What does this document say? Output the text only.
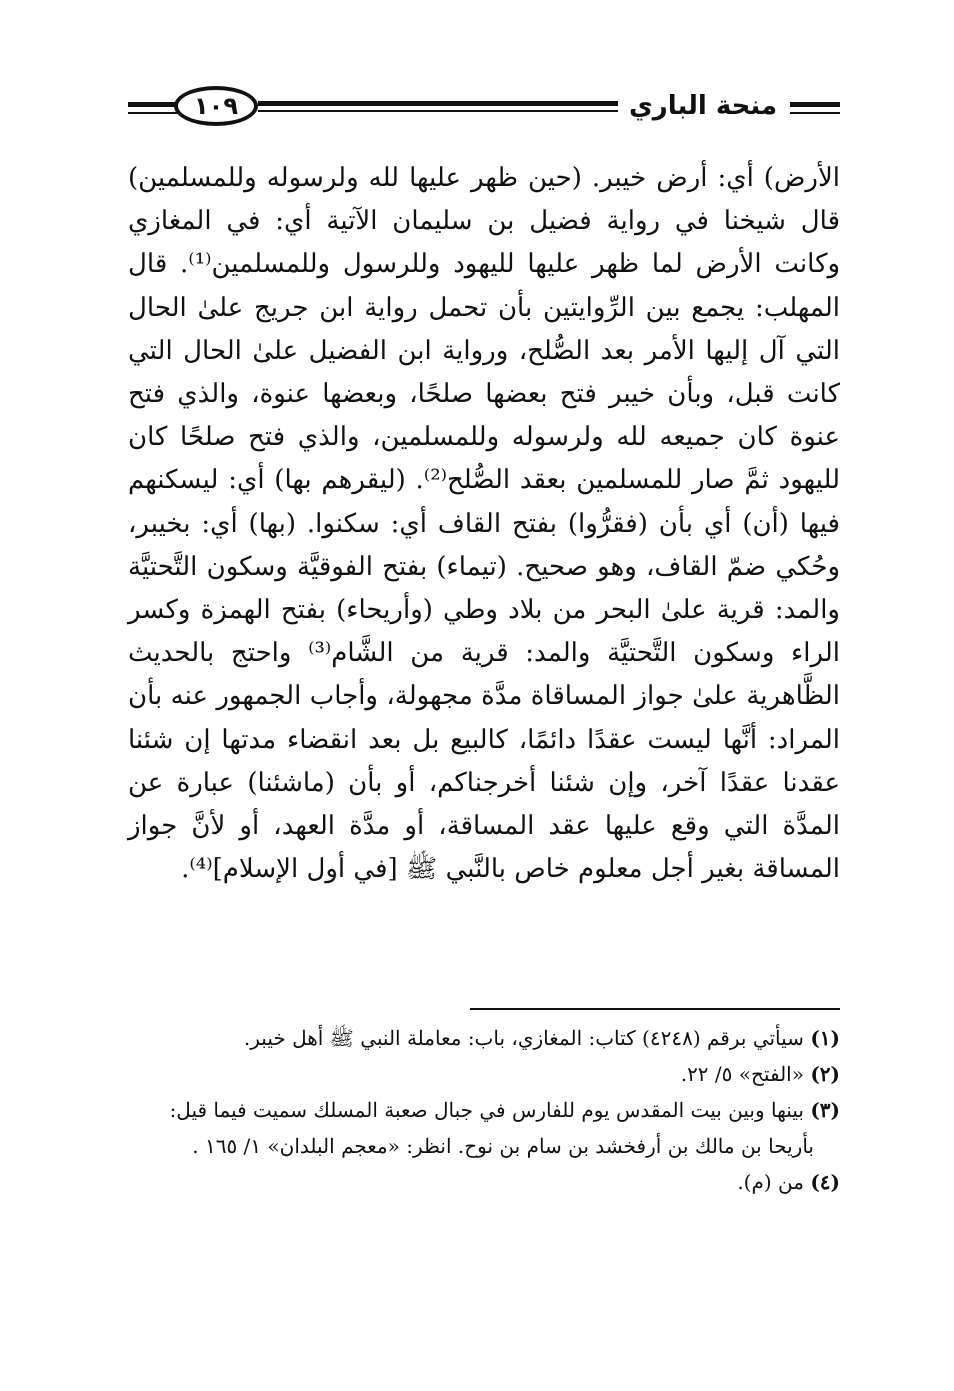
١٠٩	منحة الباري

الأرض) أي: أرض خيبر. (حين ظهر عليها لله ولرسوله وللمسلمين) قال شيخنا في رواية فضيل بن سليمان الآتية أي: في المغازي وكانت الأرض لما ظهر عليها لليهود وللرسول وللمسلمين⁽¹⁾. قال المهلب: يجمع بين الرِّوايتين بأن تحمل رواية ابن جريج علىٰ الحال التي آل إليها الأمر بعد الصُّلح، ورواية ابن الفضيل علىٰ الحال التي كانت قبل، وبأن خيبر فتح بعضها صلحًا، وبعضها عنوة، والذي فتح عنوة كان جميعه لله ولرسوله وللمسلمين، والذي فتح صلحًا كان لليهود ثمَّ صار للمسلمين بعقد الصُّلح⁽²⁾. (ليقرهم بها) أي: ليسكنهم فيها (أن) أي بأن (فقرُّوا) بفتح القاف أي: سكنوا. (بها) أي: بخيبر، وحُكي ضمّ القاف، وهو صحيح. (تيماء) بفتح الفوقيَّة وسكون التَّحتيَّة والمد: قرية علىٰ البحر من بلاد وطي (وأريحاء) بفتح الهمزة وكسر الراء وسكون التَّحتيَّة والمد: قرية من الشَّام⁽³⁾ واحتج بالحديث الظَّاهرية علىٰ جواز المساقاة مدَّة مجهولة، وأجاب الجمهور عنه بأن المراد: أنَّها ليست عقدًا دائمًا، كالبيع بل بعد انقضاء مدتها إن شئنا عقدنا عقدًا آخر، وإن شئنا أخرجناكم، أو بأن (ماشئنا) عبارة عن المدَّة التي وقع عليها عقد المساقة، أو مدَّة العهد، أو لأنَّ جواز المساقة بغير أجل معلوم خاص بالنَّبي ﷺ [في أول الإسلام]⁽⁴⁾.

(١) سيأتي برقم (٤٢٤٨) كتاب: المغازي، باب: معاملة النبي ﷺ أهل خيبر.

(٢) «الفتح» ٥/ ٢٢.

(٣) بينها وبين بيت المقدس يوم للفارس في جبال صعبة المسلك سميت فيما قيل:

بأريحا بن مالك بن أرفخشد بن سام بن نوح. انظر: «معجم البلدان» ١/ ١٦٥ .

(٤) من (م).
